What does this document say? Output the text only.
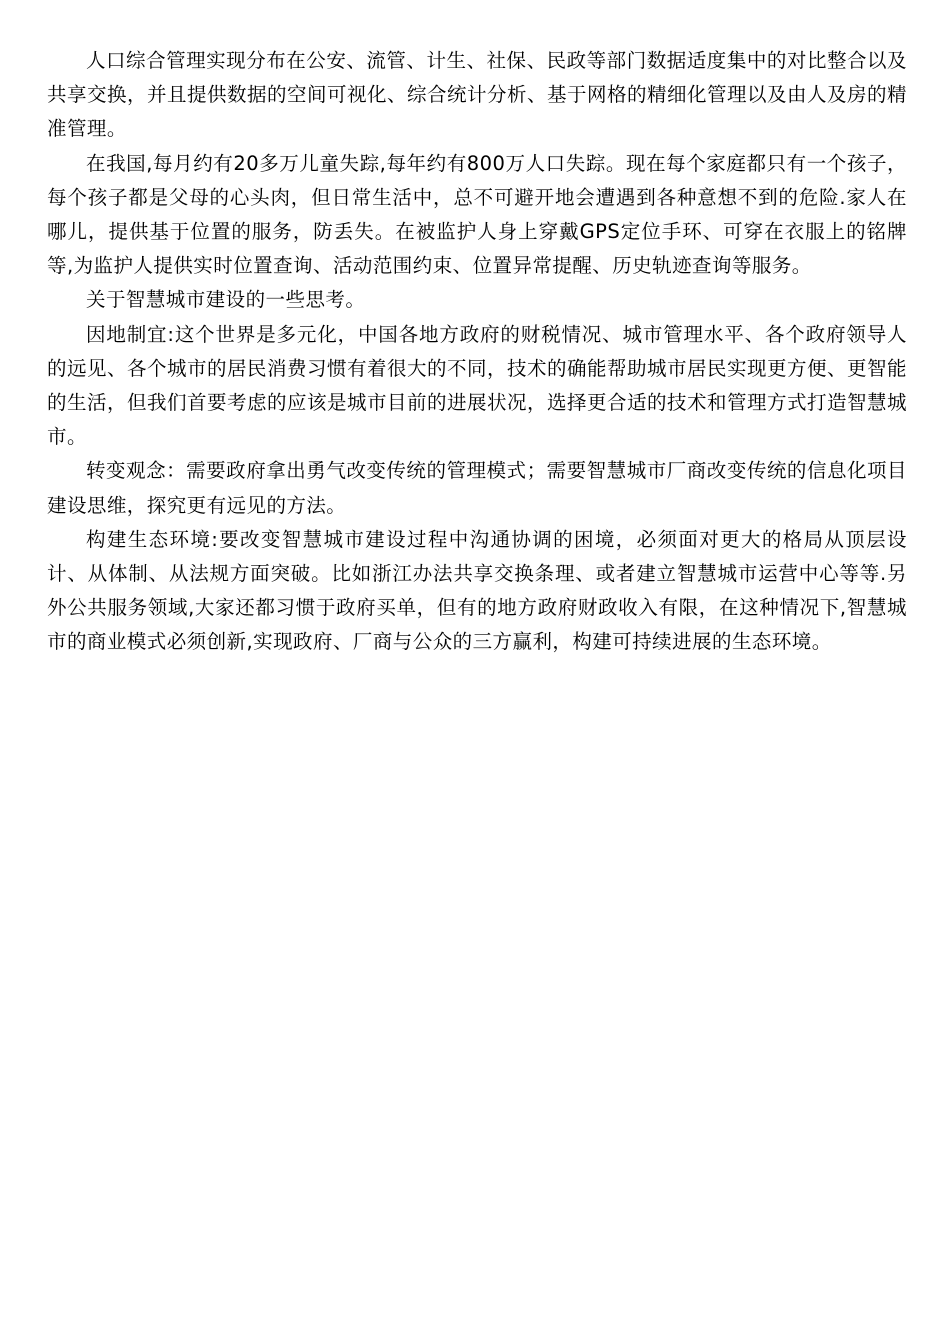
人口综合管理实现分布在公安、流管、计生、社保、民政等部门数据适度集中的对比整合以及共享交换，并且提供数据的空间可视化、综合统计分析、基于网格的精细化管理以及由人及房的精准管理。

在我国,每月约有20多万儿童失踪,每年约有800万人口失踪。现在每个家庭都只有一个孩子，每个孩子都是父母的心头肉，但日常生活中，总不可避开地会遭遇到各种意想不到的危险.家人在哪儿，提供基于位置的服务，防丢失。在被监护人身上穿戴GPS定位手环、可穿在衣服上的铭牌等,为监护人提供实时位置查询、活动范围约束、位置异常提醒、历史轨迹查询等服务。

关于智慧城市建设的一些思考。

因地制宜:这个世界是多元化，中国各地方政府的财税情况、城市管理水平、各个政府领导人的远见、各个城市的居民消费习惯有着很大的不同，技术的确能帮助城市居民实现更方便、更智能的生活，但我们首要考虑的应该是城市目前的进展状况，选择更合适的技术和管理方式打造智慧城市。

转变观念：需要政府拿出勇气改变传统的管理模式；需要智慧城市厂商改变传统的信息化项目建设思维，探究更有远见的方法。

构建生态环境:要改变智慧城市建设过程中沟通协调的困境，必须面对更大的格局从顶层设计、从体制、从法规方面突破。比如浙江办法共享交换条理、或者建立智慧城市运营中心等等.另外公共服务领域,大家还都习惯于政府买单，但有的地方政府财政收入有限，在这种情况下,智慧城市的商业模式必须创新,实现政府、厂商与公众的三方赢利，构建可持续进展的生态环境。
